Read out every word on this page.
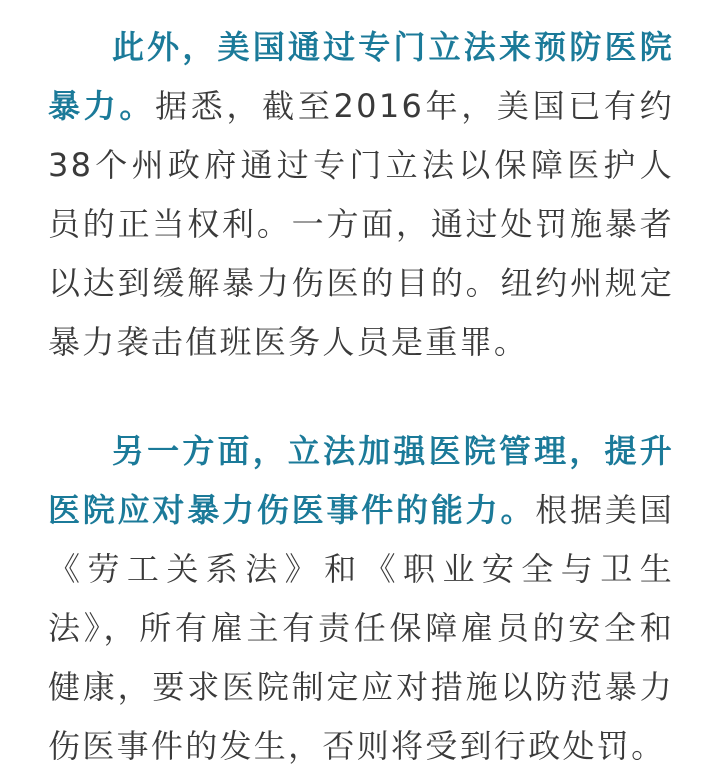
此外，美国通过专门立法来预防医院暴力。据悉，截至2016年，美国已有约38个州政府通过专门立法以保障医护人员的正当权利。一方面，通过处罚施暴者以达到缓解暴力伤医的目的。纽约州规定暴力袭击值班医务人员是重罪。

另一方面，立法加强医院管理，提升医院应对暴力伤医事件的能力。根据美国《劳工关系法》和《职业安全与卫生法》，所有雇主有责任保障雇员的安全和健康，要求医院制定应对措施以防范暴力伤医事件的发生，否则将受到行政处罚。
